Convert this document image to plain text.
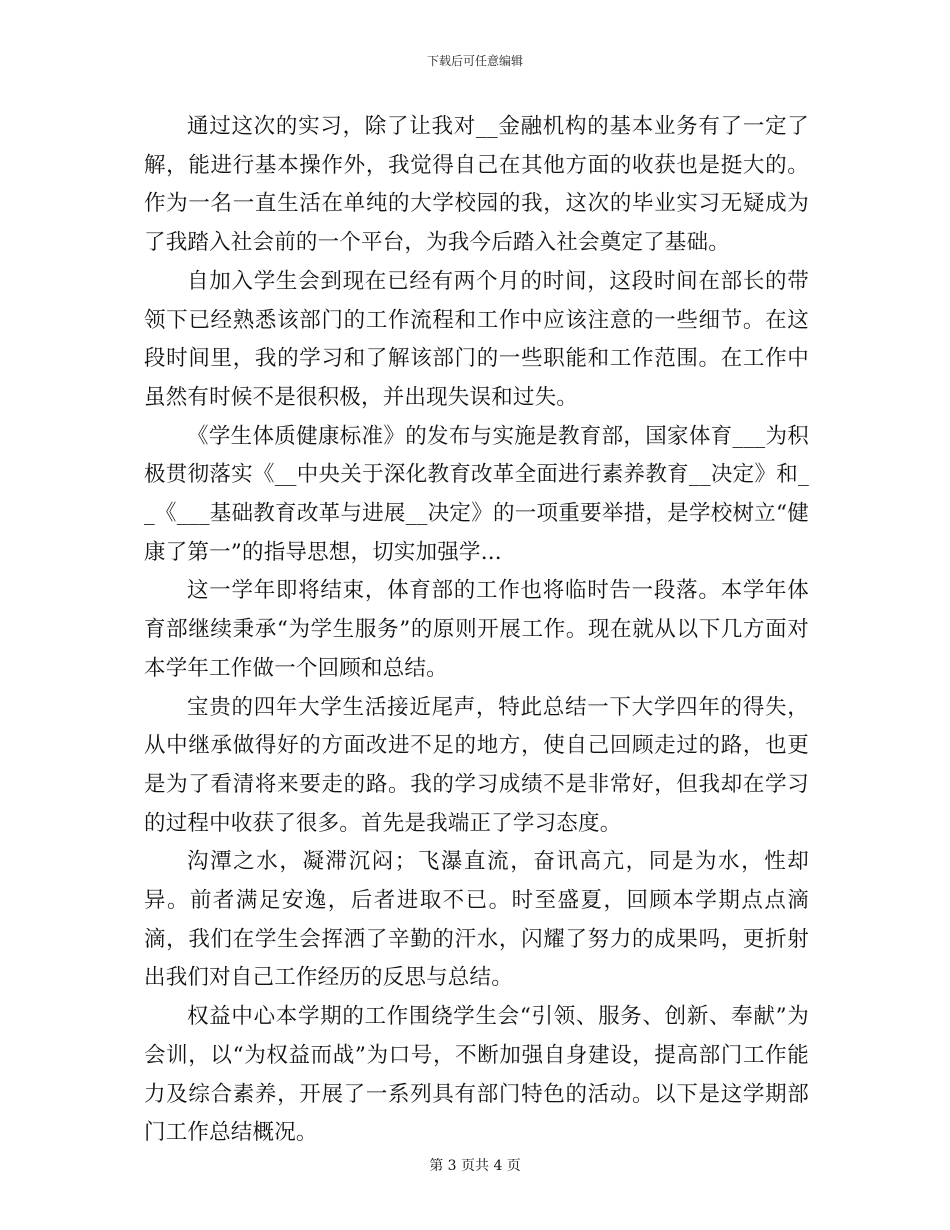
下载后可任意编辑

通过这次的实习，除了让我对__金融机构的基本业务有了一定了解，能进行基本操作外，我觉得自己在其他方面的收获也是挺大的。作为一名一直生活在单纯的大学校园的我，这次的毕业实习无疑成为了我踏入社会前的一个平台，为我今后踏入社会奠定了基础。

自加入学生会到现在已经有两个月的时间，这段时间在部长的带领下已经熟悉该部门的工作流程和工作中应该注意的一些细节。在这段时间里，我的学习和了解该部门的一些职能和工作范围。在工作中虽然有时候不是很积极，并出现失误和过失。

《学生体质健康标准》的发布与实施是教育部，国家体育___为积极贯彻落实《__中央关于深化教育改革全面进行素养教育__决定》和__《___基础教育改革与进展__决定》的一项重要举措，是学校树立“健康了第一”的指导思想，切实加强学...

这一学年即将结束，体育部的工作也将临时告一段落。本学年体育部继续秉承“为学生服务”的原则开展工作。现在就从以下几方面对本学年工作做一个回顾和总结。

宝贵的四年大学生活接近尾声，特此总结一下大学四年的得失，从中继承做得好的方面改进不足的地方，使自己回顾走过的路，也更是为了看清将来要走的路。我的学习成绩不是非常好，但我却在学习的过程中收获了很多。首先是我端正了学习态度。

沟潭之水，凝滞沉闷；飞瀑直流，奋讯高亢，同是为水，性却异。前者满足安逸，后者进取不已。时至盛夏，回顾本学期点点滴滴，我们在学生会挥洒了辛勤的汗水，闪耀了努力的成果吗，更折射出我们对自己工作经历的反思与总结。

权益中心本学期的工作围绕学生会“引领、服务、创新、奉献”为会训，以“为权益而战”为口号，不断加强自身建设，提高部门工作能力及综合素养，开展了一系列具有部门特色的活动。以下是这学期部门工作总结概况。

第 3 页共 4 页
